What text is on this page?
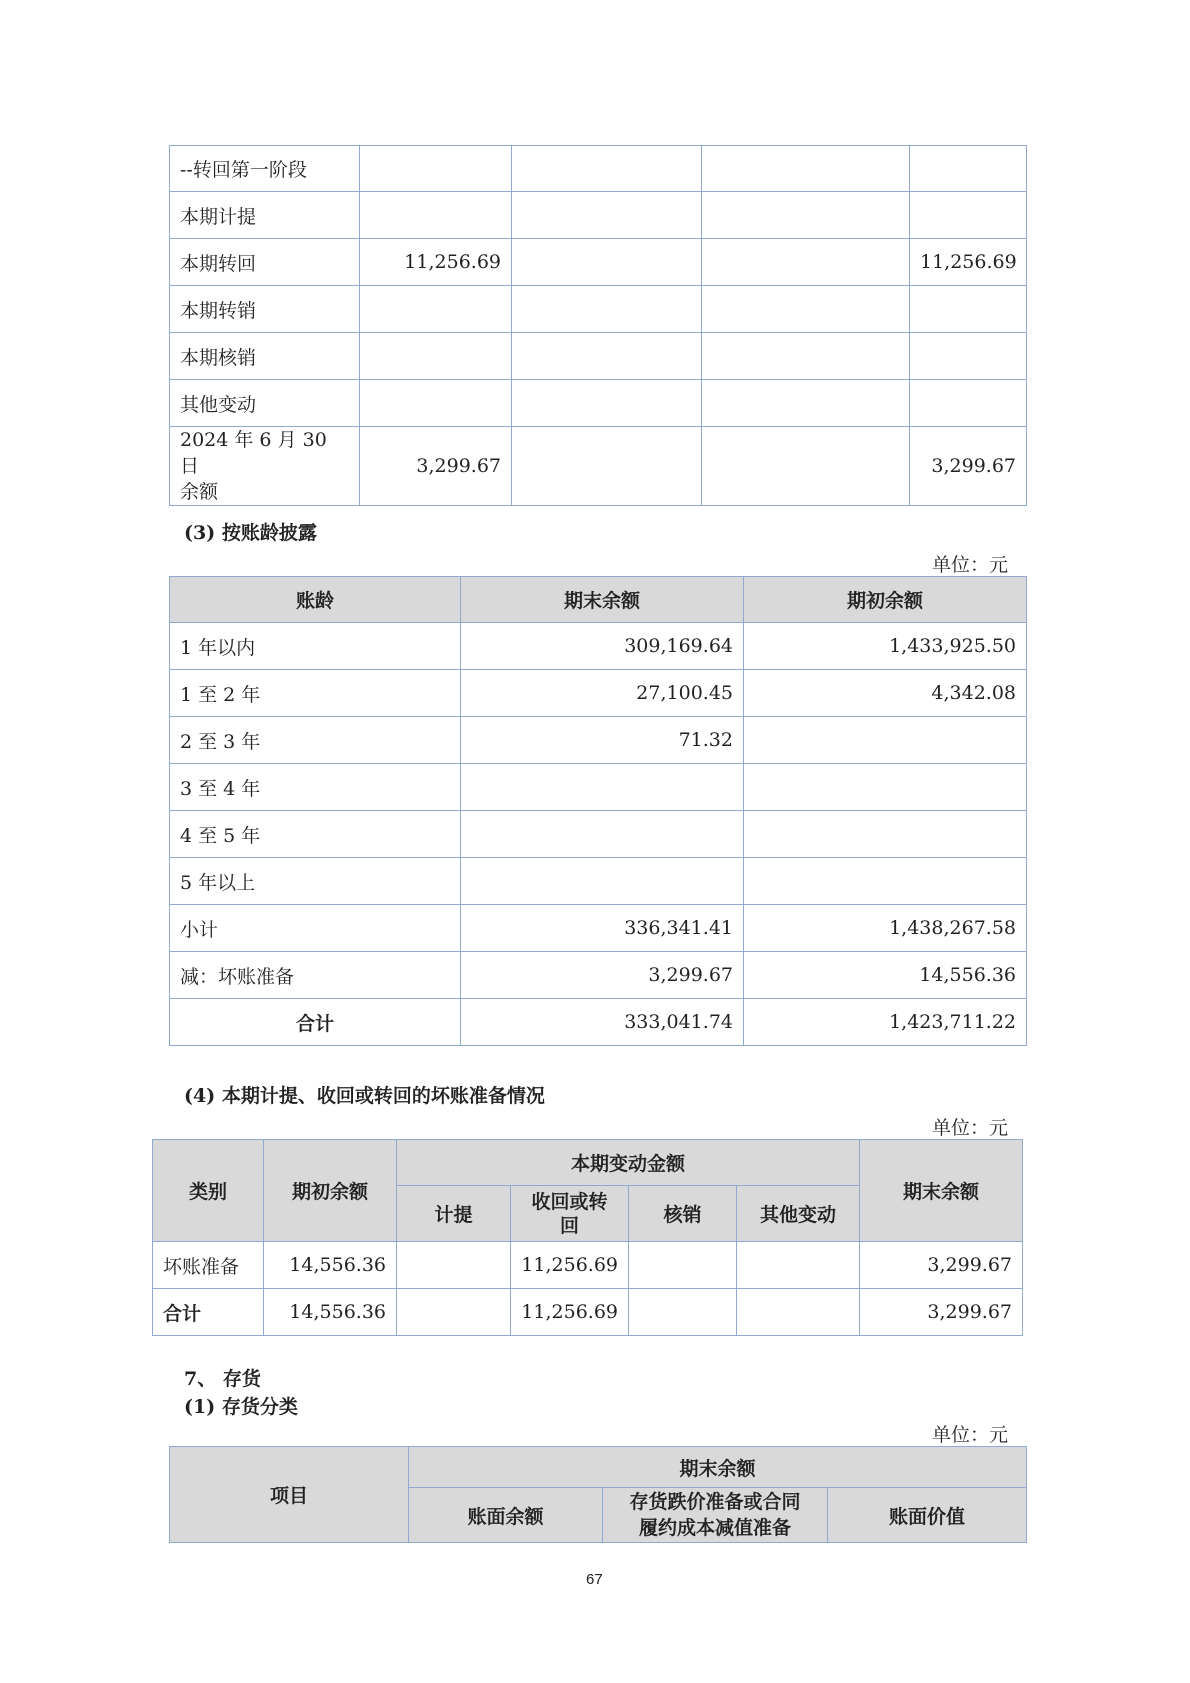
--转回第一阶段				
本期计提				
本期转回	11,256.69			11,256.69
本期转销				
本期核销				
其他变动				
2024 年 6 月 30 日
余额	3,299.67			3,299.67

(3) 按账龄披露

单位：元

账龄	期末余额	期初余额
1 年以内	309,169.64	1,433,925.50
1 至 2 年	27,100.45	4,342.08
2 至 3 年	71.32	
3 至 4 年		
4 至 5 年		
5 年以上		
小计	336,341.41	1,438,267.58
减：坏账准备	3,299.67	14,556.36
合计	333,041.74	1,423,711.22

(4) 本期计提、收回或转回的坏账准备情况

单位：元

类别	期初余额	本期变动金额				期末余额
		计提	收回或转
回	核销	其他变动	
坏账准备	14,556.36		11,256.69			3,299.67
合计	14,556.36		11,256.69			3,299.67

7、 存货

(1) 存货分类

单位：元

项目	期末余额		
	账面余额	存货跌价准备或合同
履约成本减值准备	账面价值
67
